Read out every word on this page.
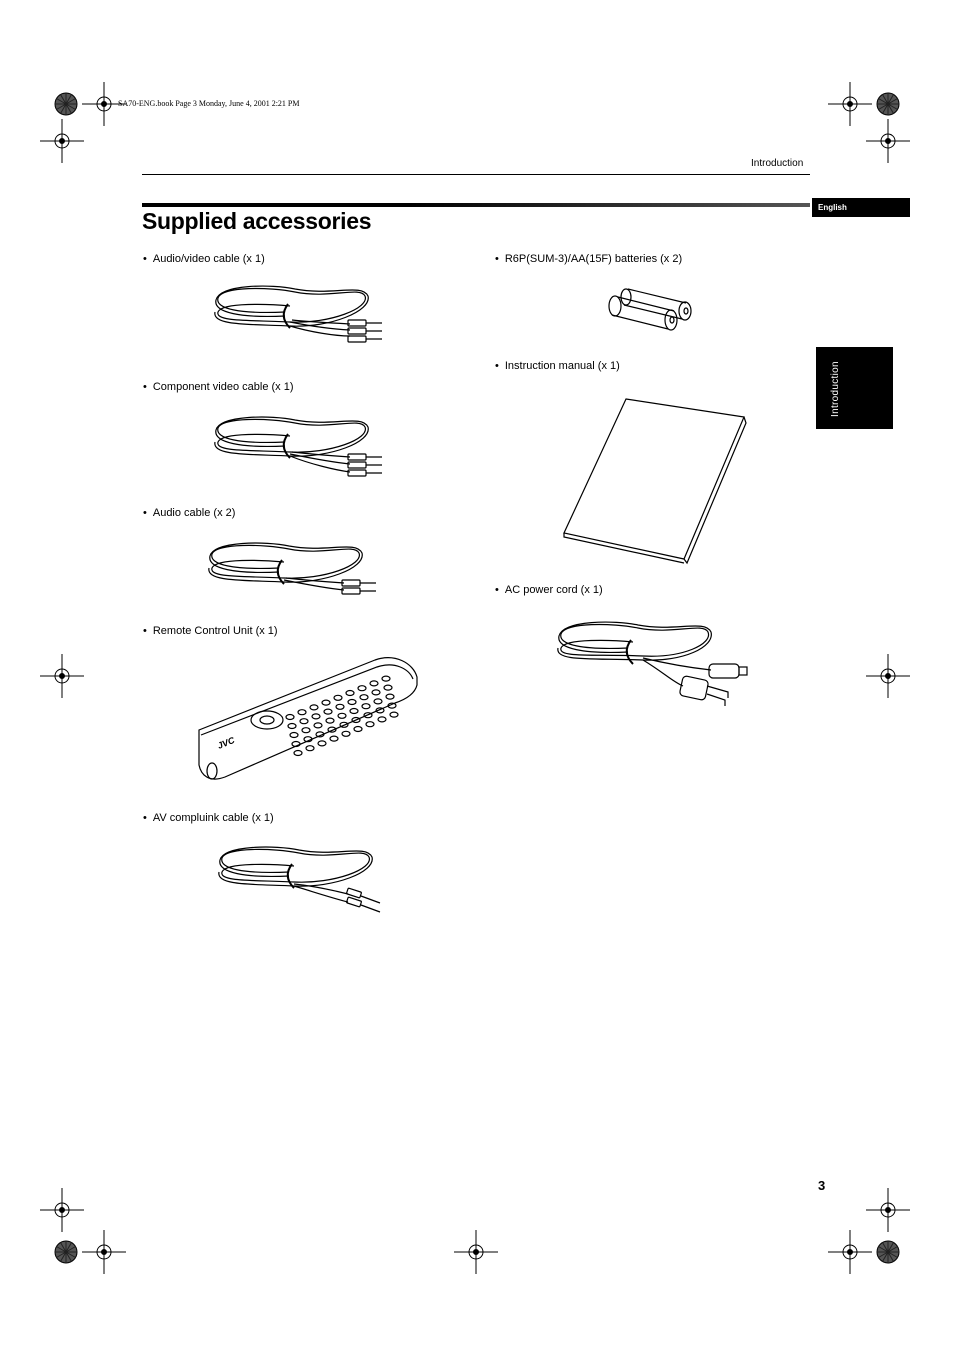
SA70-ENG.book Page 3 Monday, June 4, 2001 2:21 PM
Introduction
Supplied accessories
English
Introduction
• Audio/video cable (x 1)
• Component video cable (x 1)
• Audio cable (x 2)
• Remote Control Unit (x 1)
• AV compluink cable (x 1)
• R6P(SUM-3)/AA(15F) batteries (x 2)
• Instruction manual (x 1)
• AC power cord (x 1)
JVC
3
